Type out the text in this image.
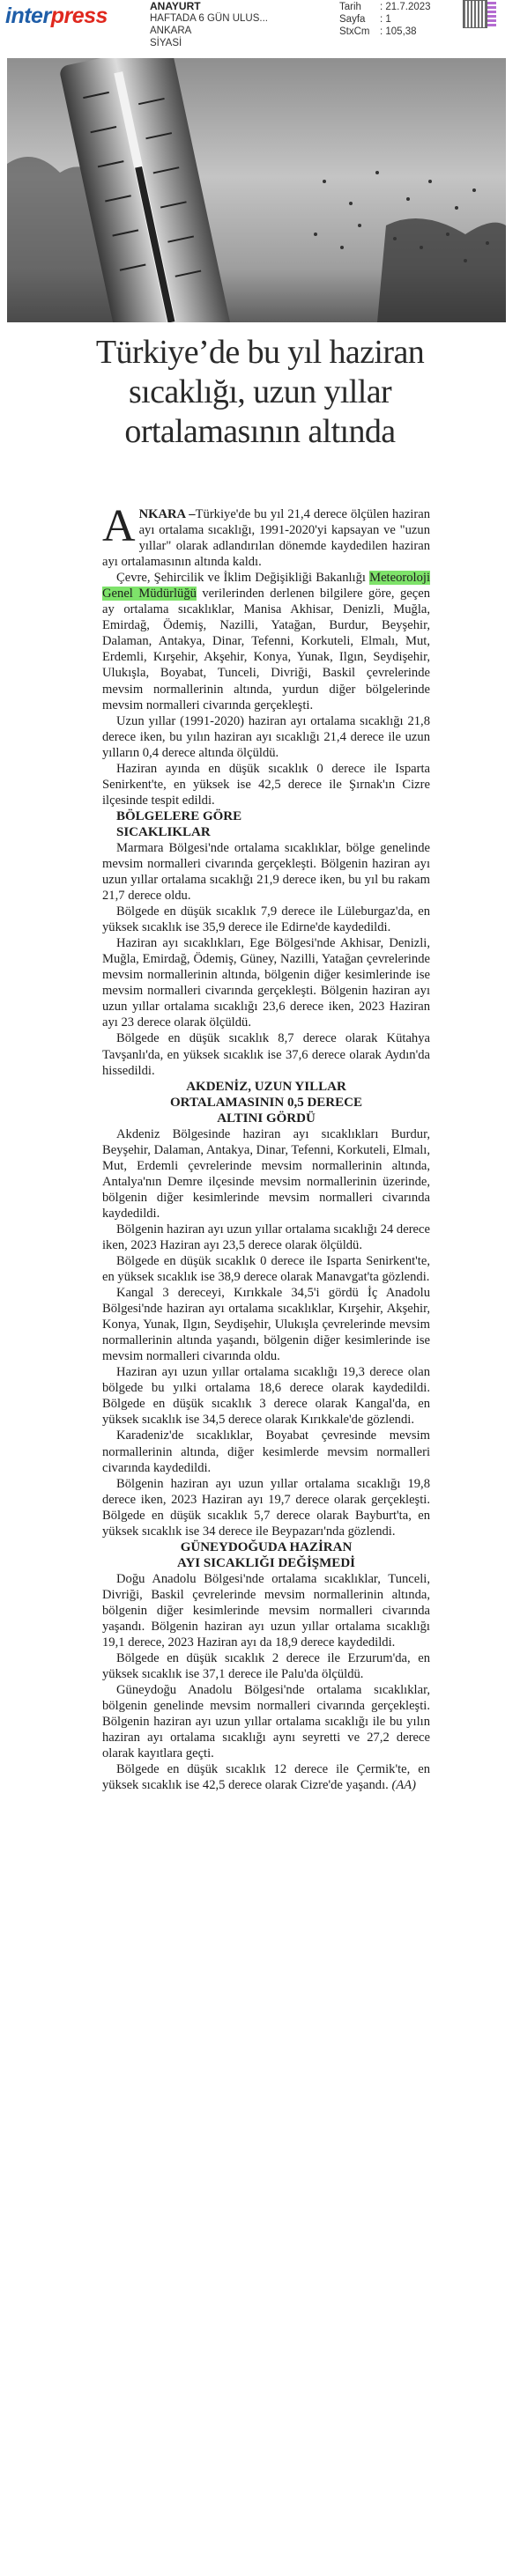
interpress	ANAYURT
HAFTADA 6 GÜN ULUS...
ANKARA
SİYASİ
Tarih : 21.7.2023
Sayfa : 1
StxCm : 105,38
Türkiye’de bu yıl haziran
sıcaklığı, uzun yıllar
ortalamasının altında

ANKARA –Türkiye'de bu yıl 21,4 derece ölçülen haziran ayı ortalama sıcaklığı, 1991-2020'yi kapsayan ve "uzun yıllar" olarak adlandırılan dönemde kaydedilen haziran ayı ortalamasının altında kaldı.

Çevre, Şehircilik ve İklim Değişikliği Bakanlığı Meteoroloji Genel Müdürlüğü verilerinden derlenen bilgilere göre, geçen ay ortalama sıcaklıklar, Manisa Akhisar, Denizli, Muğla, Emirdağ, Ödemiş, Nazilli, Yatağan, Burdur, Beyşehir, Dalaman, Antakya, Dinar, Tefenni, Korkuteli, Elmalı, Mut, Erdemli, Kırşehir, Akşehir, Konya, Yunak, Ilgın, Seydişehir, Ulukışla, Boyabat, Tunceli, Divriği, Baskil çevrelerinde mevsim normallerinin altında, yurdun diğer bölgelerinde mevsim normalleri civarında gerçekleşti.

Uzun yıllar (1991-2020) haziran ayı ortalama sıcaklığı 21,8 derece iken, bu yılın haziran ayı sıcaklığı 21,4 derece ile uzun yılların 0,4 derece altında ölçüldü.

Haziran ayında en düşük sıcaklık 0 derece ile Isparta Senirkent'te, en yüksek ise 42,5 derece ile Şırnak'ın Cizre ilçesinde tespit edildi.

BÖLGELERE GÖRE
SICAKLIKLAR

Marmara Bölgesi'nde ortalama sıcaklıklar, bölge genelinde mevsim normalleri civarında gerçekleşti. Bölgenin haziran ayı uzun yıllar ortalama sıcaklığı 21,9 derece iken, bu yıl bu rakam 21,7 derece oldu.

Bölgede en düşük sıcaklık 7,9 derece ile Lüleburgaz'da, en yüksek sıcaklık ise 35,9 derece ile Edirne'de kaydedildi.

Haziran ayı sıcaklıkları, Ege Bölgesi'nde Akhisar, Denizli, Muğla, Emirdağ, Ödemiş, Güney, Nazilli, Yatağan çevrelerinde mevsim normallerinin altında, bölgenin diğer kesimlerinde ise mevsim normalleri civarında gerçekleşti. Bölgenin haziran ayı uzun yıllar ortalama sıcaklığı 23,6 derece iken, 2023 Haziran ayı 23 derece olarak ölçüldü.

Bölgede en düşük sıcaklık 8,7 derece olarak Kütahya Tavşanlı'da, en yüksek sıcaklık ise 37,6 derece olarak Aydın'da hissedildi.

AKDENİZ, UZUN YILLAR
ORTALAMASININ 0,5 DERECE
ALTINI GÖRDÜ

Akdeniz Bölgesinde haziran ayı sıcaklıkları Burdur, Beyşehir, Dalaman, Antakya, Dinar, Tefenni, Korkuteli, Elmalı, Mut, Erdemli çevrelerinde mevsim normallerinin altında, Antalya'nın Demre ilçesinde mevsim normallerinin üzerinde, bölgenin diğer kesimlerinde mevsim normalleri civarında kaydedildi.

Bölgenin haziran ayı uzun yıllar ortalama sıcaklığı 24 derece iken, 2023 Haziran ayı 23,5 derece olarak ölçüldü.

Bölgede en düşük sıcaklık 0 derece ile Isparta Senirkent'te, en yüksek sıcaklık ise 38,9 derece olarak Manavgat'ta gözlendi.

Kangal 3 dereceyi, Kırıkkale 34,5'i gördü İç Anadolu Bölgesi'nde haziran ayı ortalama sıcaklıklar, Kırşehir, Akşehir, Konya, Yunak, Ilgın, Seydişehir, Ulukışla çevrelerinde mevsim normallerinin altında yaşandı, bölgenin diğer kesimlerinde ise mevsim normalleri civarında oldu.

Haziran ayı uzun yıllar ortalama sıcaklığı 19,3 derece olan bölgede bu yılki ortalama 18,6 derece olarak kaydedildi. Bölgede en düşük sıcaklık 3 derece olarak Kangal'da, en yüksek sıcaklık ise 34,5 derece olarak Kırıkkale'de gözlendi.

Karadeniz'de sıcaklıklar, Boyabat çevresinde mevsim normallerinin altında, diğer kesimlerde mevsim normalleri civarında kaydedildi.

Bölgenin haziran ayı uzun yıllar ortalama sıcaklığı 19,8 derece iken, 2023 Haziran ayı 19,7 derece olarak gerçekleşti. Bölgede en düşük sıcaklık 5,7 derece olarak Bayburt'ta, en yüksek sıcaklık ise 34 derece ile Beypazarı'nda gözlendi.

GÜNEYDOĞUDA HAZİRAN
AYI SICAKLIĞI DEĞİŞMEDİ

Doğu Anadolu Bölgesi'nde ortalama sıcaklıklar, Tunceli, Divriği, Baskil çevrelerinde mevsim normallerinin altında, bölgenin diğer kesimlerinde mevsim normalleri civarında yaşandı. Bölgenin haziran ayı uzun yıllar ortalama sıcaklığı 19,1 derece, 2023 Haziran ayı da 18,9 derece kaydedildi.

Bölgede en düşük sıcaklık 2 derece ile Erzurum'da, en yüksek sıcaklık ise 37,1 derece ile Palu'da ölçüldü.

Güneydoğu Anadolu Bölgesi'nde ortalama sıcaklıklar, bölgenin genelinde mevsim normalleri civarında gerçekleşti. Bölgenin haziran ayı uzun yıllar ortalama sıcaklığı ile bu yılın haziran ayı ortalama sıcaklığı aynı seyretti ve 27,2 derece olarak kayıtlara geçti.

Bölgede en düşük sıcaklık 12 derece ile Çermik'te, en yüksek sıcaklık ise 42,5 derece olarak Cizre'de yaşandı. (AA)
